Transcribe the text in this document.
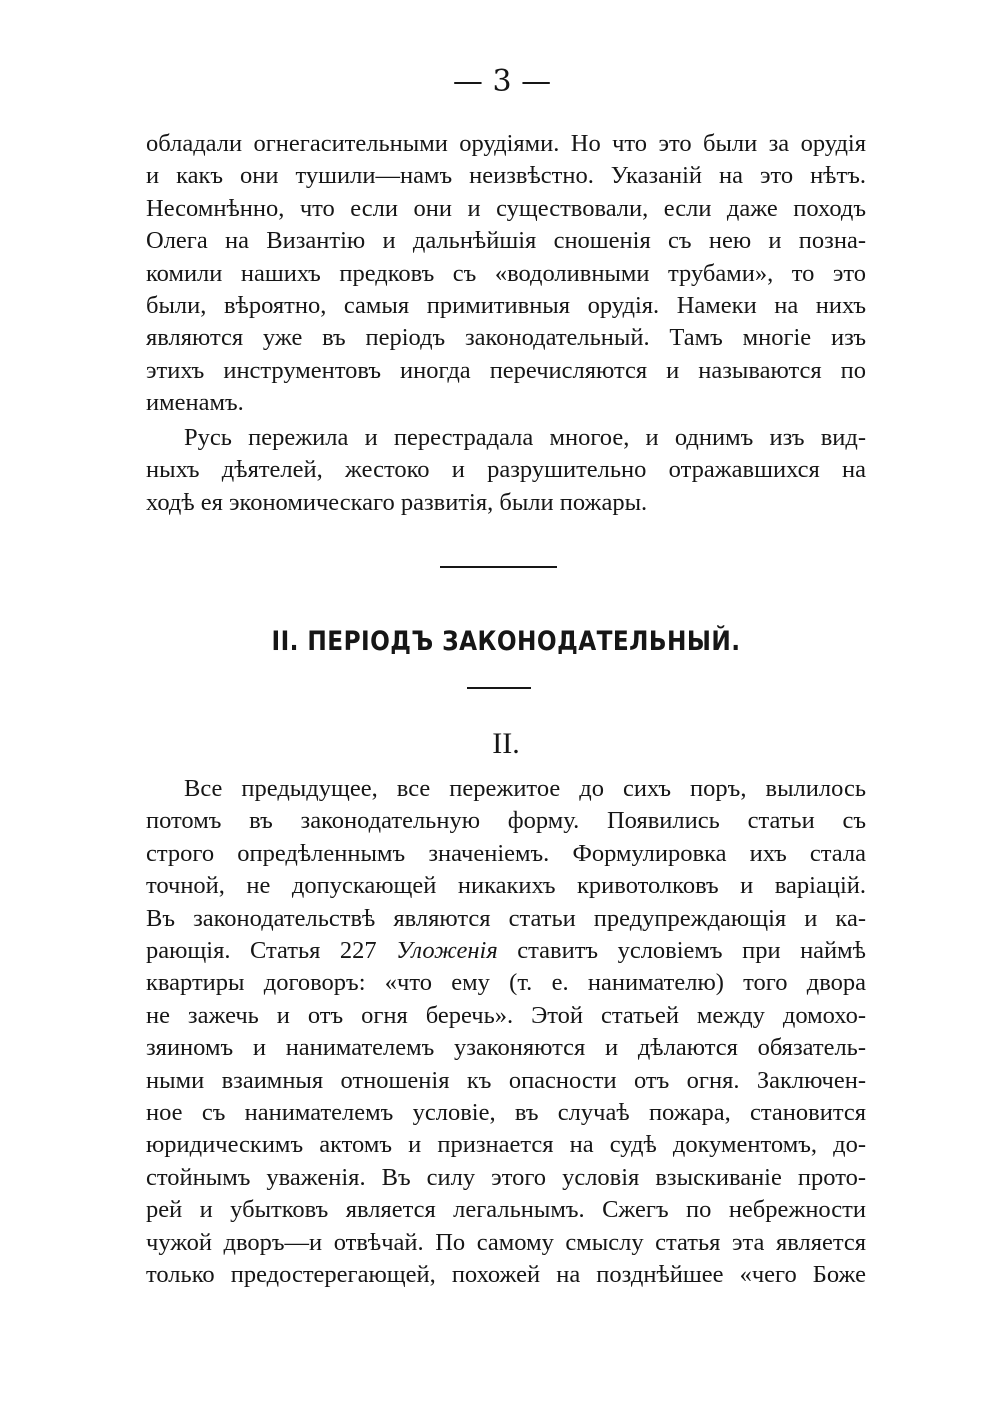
— 3 —

обладали огнегасительными орудіями. Но что это были за орудія
и какъ они тушили—намъ неизвѣстно. Указаній на это нѣтъ.
Несомнѣнно, что если они и существовали, если даже походъ
Олега на Византію и дальнѣйшія сношенія съ нею и позна-
комили нашихъ предковъ съ «водоливными трубами», то это
были, вѣроятно, самыя примитивныя орудія. Намеки на нихъ
являются уже въ періодъ законодательный. Тамъ многіе изъ
этихъ инструментовъ иногда перечисляются и называются по
именамъ.

Русь пережила и перестрадала многое, и однимъ изъ вид-
ныхъ дѣятелей, жестоко и разрушительно отражавшихся на
ходѣ ея экономическаго развитія, были пожары.

II. ПЕРІОДЪ ЗАКОНОДАТЕЛЬНЫЙ.
II.

Все предыдущее, все пережитое до сихъ поръ, вылилось
потомъ въ законодательную форму. Появились статьи съ
строго опредѣленнымъ значеніемъ. Формулировка ихъ стала
точной, не допускающей никакихъ кривотолковъ и варіацій.
Въ законодательствѣ являются статьи предупреждающія и ка-
рающія. Статья 227 Уложенія ставитъ условіемъ при наймѣ
квартиры договоръ: «что ему (т. е. нанимателю) того двора
не зажечь и отъ огня беречь». Этой статьей между домохо-
зяиномъ и нанимателемъ узаконяются и дѣлаются обязатель-
ными взаимныя отношенія къ опасности отъ огня. Заключен-
ное съ нанимателемъ условіе, въ случаѣ пожара, становится
юридическимъ актомъ и признается на судѣ документомъ, до-
стойнымъ уваженія. Въ силу этого условія взыскиваніе прото-
рей и убытковъ является легальнымъ. Сжегъ по небрежности
чужой дворъ—и отвѣчай. По самому смыслу статья эта является
только предостерегающей, похожей на позднѣйшее «чего Боже
